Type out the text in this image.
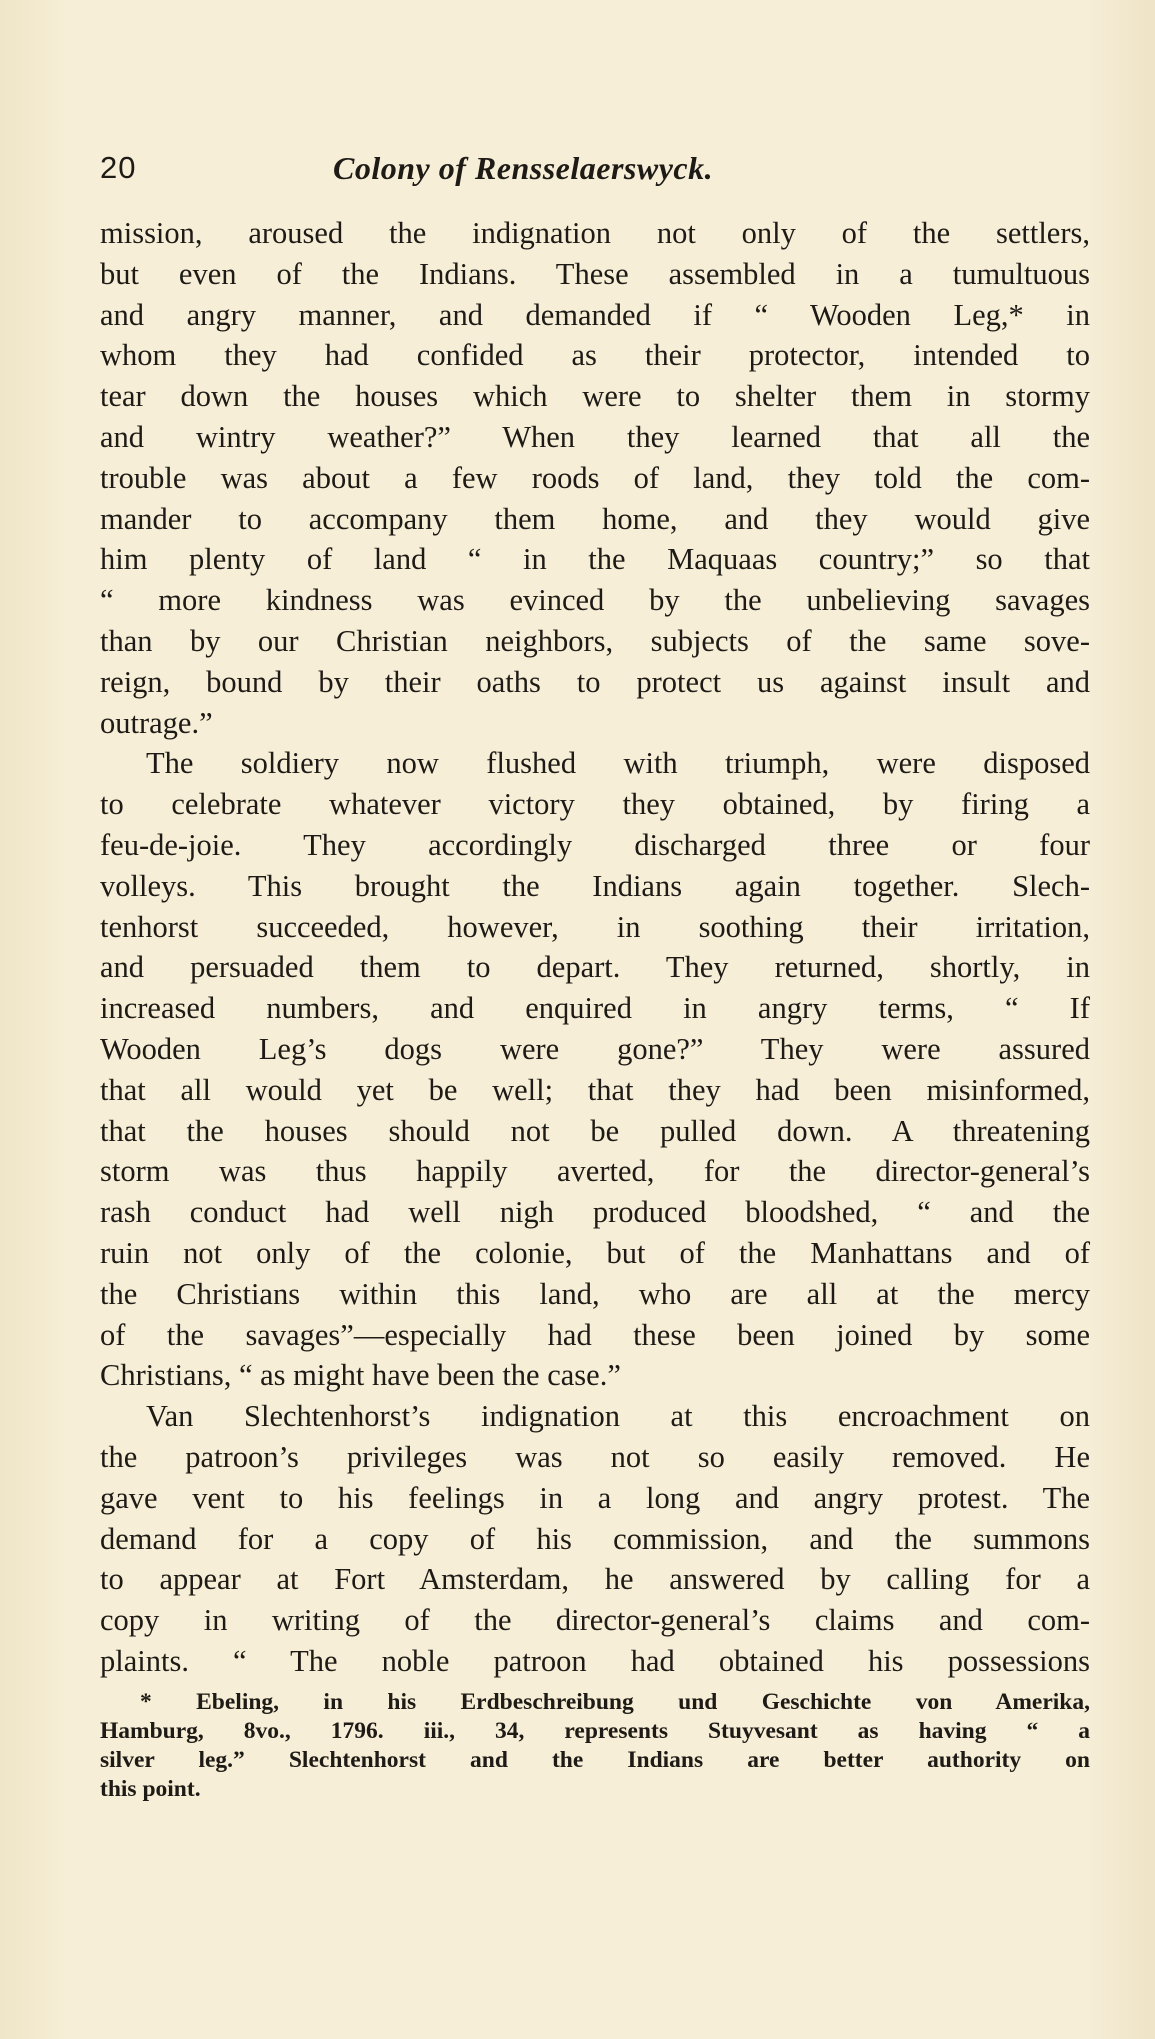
20	Colony of Rensselaerswyck.
mission, aroused the indignation not only of the settlers,
but even of the Indians. These assembled in a tumultuous
and angry manner, and demanded if “ Wooden Leg,* in
whom they had confided as their protector, intended to
tear down the houses which were to shelter them in stormy
and wintry weather?” When they learned that all the
trouble was about a few roods of land, they told the com-
mander to accompany them home, and they would give
him plenty of land “ in the Maquaas country;” so that
“ more kindness was evinced by the unbelieving savages
than by our Christian neighbors, subjects of the same sove-
reign, bound by their oaths to protect us against insult and
outrage.”
The soldiery now flushed with triumph, were disposed
to celebrate whatever victory they obtained, by firing a
feu-de-joie. They accordingly discharged three or four
volleys. This brought the Indians again together. Slech-
tenhorst succeeded, however, in soothing their irritation,
and persuaded them to depart. They returned, shortly, in
increased numbers, and enquired in angry terms, “ If
Wooden Leg’s dogs were gone?” They were assured
that all would yet be well; that they had been misinformed,
that the houses should not be pulled down. A threatening
storm was thus happily averted, for the director-general’s
rash conduct had well nigh produced bloodshed, “ and the
ruin not only of the colonie, but of the Manhattans and of
the Christians within this land, who are all at the mercy
of the savages”—especially had these been joined by some
Christians, “ as might have been the case.”
Van Slechtenhorst’s indignation at this encroachment on
the patroon’s privileges was not so easily removed. He
gave vent to his feelings in a long and angry protest. The
demand for a copy of his commission, and the summons
to appear at Fort Amsterdam, he answered by calling for a
copy in writing of the director-general’s claims and com-
plaints. “ The noble patroon had obtained his possessions
* Ebeling, in his Erdbeschreibung und Geschichte von Amerika,
Hamburg, 8vo., 1796. iii., 34, represents Stuyvesant as having “ a
silver leg.” Slechtenhorst and the Indians are better authority on
this point.
